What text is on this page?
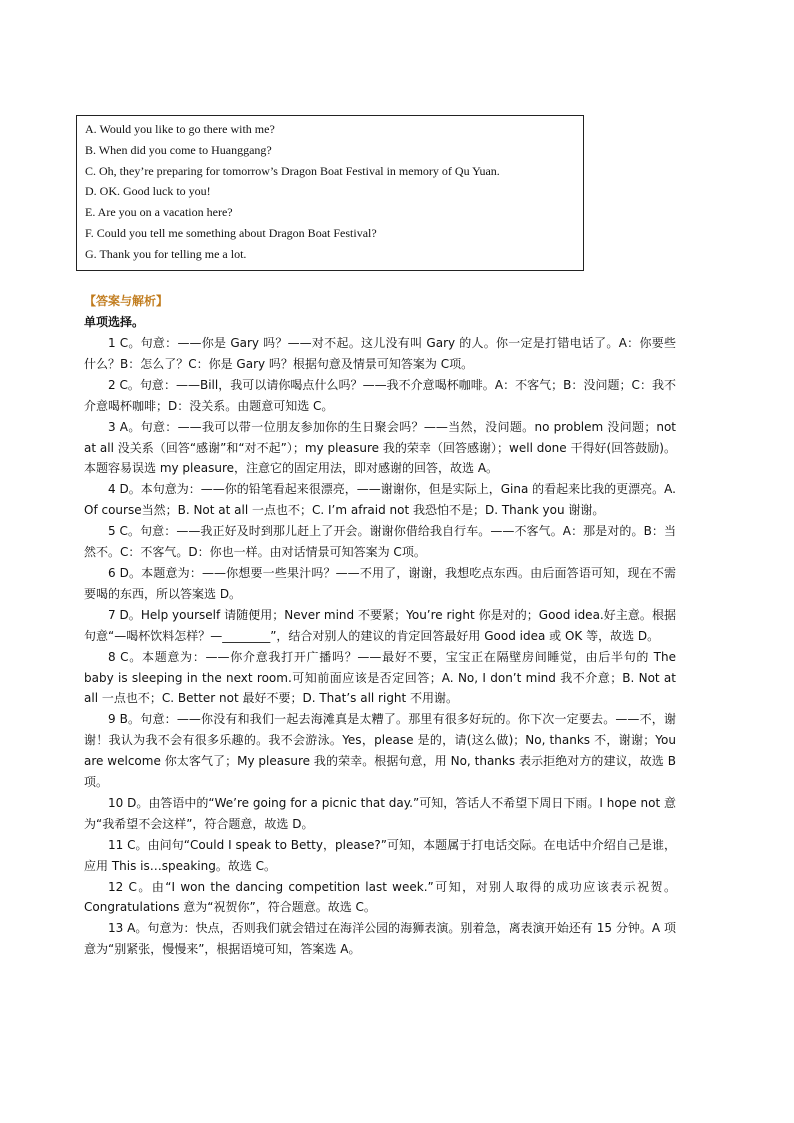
A. Would you like to go there with me?
B. When did you come to Huanggang?
C. Oh, they’re preparing for tomorrow’s Dragon Boat Festival in memory of Qu Yuan.
D. OK. Good luck to you!
E. Are you on a vacation here?
F. Could you tell me something about Dragon Boat Festival?
G. Thank you for telling me a lot.
【答案与解析】
单项选择。

1 C。句意：——你是 Gary 吗？——对不起。这儿没有叫 Gary 的人。你一定是打错电话了。A：你要些什么？B：怎么了？C：你是 Gary 吗？根据句意及情景可知答案为 C项。

2 C。句意：——Bill，我可以请你喝点什么吗？——我不介意喝杯咖啡。A：不客气；B：没问题；C：我不介意喝杯咖啡；D：没关系。由题意可知选 C。

3 A。句意：——我可以带一位朋友参加你的生日聚会吗？——当然，没问题。no problem 没问题；not at all 没关系（回答“感谢”和“对不起”）；my pleasure 我的荣幸（回答感谢）；well done 干得好(回答鼓励)。本题容易误选 my pleasure，注意它的固定用法，即对感谢的回答，故选 A。

4 D。本句意为：——你的铅笔看起来很漂亮，——谢谢你，但是实际上，Gina 的看起来比我的更漂亮。A. Of course当然；B. Not at all 一点也不；C. I’m afraid not 我恐怕不是；D. Thank you 谢谢。

5 C。句意：——我正好及时到那儿赶上了开会。谢谢你借给我自行车。——不客气。A：那是对的。B：当然不。C：不客气。D：你也一样。由对话情景可知答案为 C项。

6 D。本题意为：——你想要一些果汁吗？——不用了，谢谢，我想吃点东西。由后面答语可知，现在不需要喝的东西，所以答案选 D。

7 D。Help yourself 请随便用；Never mind 不要紧；You’re right 你是对的；Good idea.好主意。根据句意“—喝杯饮料怎样？—________”，结合对别人的建议的肯定回答最好用 Good idea 或 OK 等，故选 D。

8 C。本题意为：——你介意我打开广播吗？——最好不要，宝宝正在隔壁房间睡觉，由后半句的 The baby is sleeping in the next room.可知前面应该是否定回答；A. No, I don’t mind 我不介意；B. Not at all 一点也不；C. Better not 最好不要；D. That’s all right 不用谢。

9 B。句意：——你没有和我们一起去海滩真是太糟了。那里有很多好玩的。你下次一定要去。——不，谢谢！我认为我不会有很多乐趣的。我不会游泳。Yes，please 是的，请(这么做)；No, thanks 不，谢谢；You are welcome 你太客气了；My pleasure 我的荣幸。根据句意，用 No, thanks 表示拒绝对方的建议，故选 B 项。

10 D。由答语中的“We’re going for a picnic that day.”可知，答话人不希望下周日下雨。I hope not 意为“我希望不会这样”，符合题意，故选 D。

11 C。由问句“Could I speak to Betty，please?”可知，本题属于打电话交际。在电话中介绍自己是谁，应用 This is…speaking。故选 C。

12 C。由“I won the dancing competition last week.”可知，对别人取得的成功应该表示祝贺。Congratulations 意为“祝贺你”，符合题意。故选 C。

13 A。句意为：快点，否则我们就会错过在海洋公园的海狮表演。别着急，离表演开始还有 15 分钟。A 项意为“别紧张，慢慢来”，根据语境可知，答案选 A。
